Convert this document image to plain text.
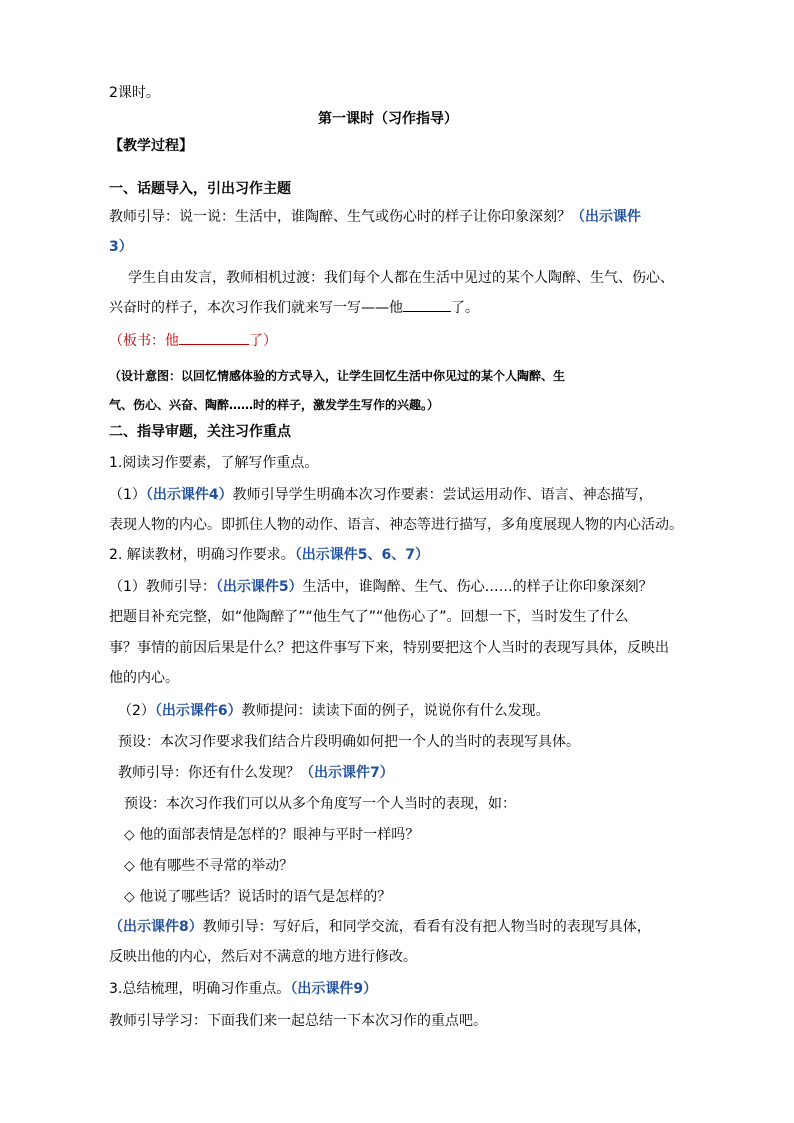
2课时。
第一课时（习作指导）
【教学过程】
一、话题导入，引出习作主题
教师引导：说一说：生活中，谁陶醉、生气或伤心时的样子让你印象深刻？（出示课件
3）
学生自由发言，教师相机过渡：我们每个人都在生活中见过的某个人陶醉、生气、伤心、
兴奋时的样子，本次习作我们就来写一写——他	了。
（板书：他	了）
（设计意图：以回忆情感体验的方式导入，让学生回忆生活中你见过的某个人陶醉、生
气、伤心、兴奋、陶醉……时的样子，激发学生写作的兴趣。）
二、指导审题，关注习作重点
1.阅读习作要素，了解写作重点。
（1）（出示课件4）教师引导学生明确本次习作要素：尝试运用动作、语言、神态描写，
表现人物的内心。即抓住人物的动作、语言、神态等进行描写，多角度展现人物的内心活动。
2. 解读教材，明确习作要求。（出示课件5、6、7）
（1）教师引导：（出示课件5）生活中，谁陶醉、生气、伤心……的样子让你印象深刻？
把题目补充完整，如“他陶醉了”“他生气了”“他伤心了”。回想一下，当时发生了什么
事？事情的前因后果是什么？把这件事写下来，特别要把这个人当时的表现写具体，反映出
他的内心。
（2）（出示课件6）教师提问：读读下面的例子，说说你有什么发现。
预设：本次习作要求我们结合片段明确如何把一个人的当时的表现写具体。
教师引导：你还有什么发现？（出示课件7）
预设：本次习作我们可以从多个角度写一个人当时的表现，如：
◇ 他的面部表情是怎样的？眼神与平时一样吗？
◇ 他有哪些不寻常的举动？
◇ 他说了哪些话？说话时的语气是怎样的？
（出示课件8）教师引导：写好后，和同学交流，看看有没有把人物当时的表现写具体，
反映出他的内心，然后对不满意的地方进行修改。
3.总结梳理，明确习作重点。（出示课件9）
教师引导学习：下面我们来一起总结一下本次习作的重点吧。
